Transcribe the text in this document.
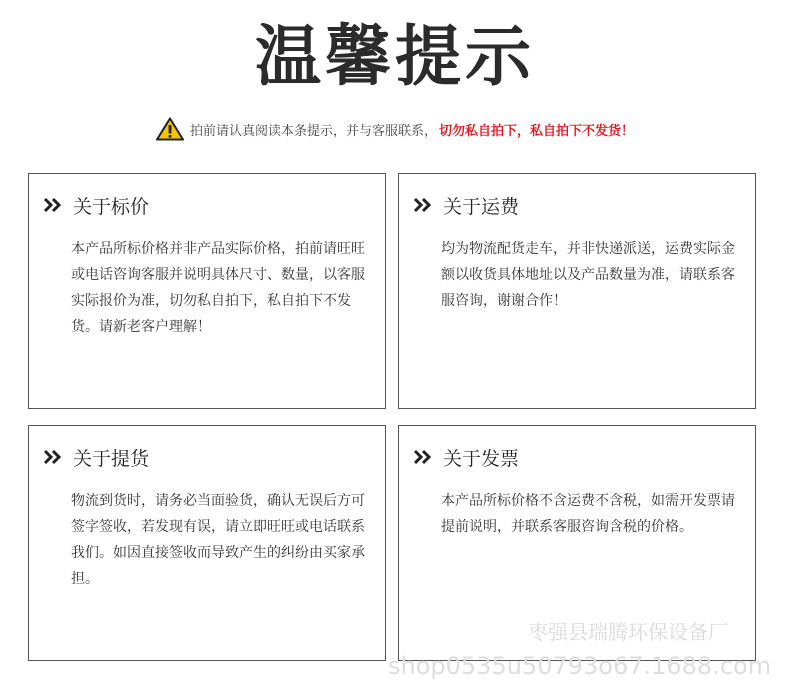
温馨提示
拍前请认真阅读本条提示，并与客服联系， 切勿私自拍下，私自拍下不发货！
关于标价
本产品所标价格并非产品实际价格，拍前请旺旺或电话咨询客服并说明具体尺寸、数量，以客服实际报价为准，切勿私自拍下，私自拍下不发货。请新老客户理解！
关于运费
均为物流配货走车，并非快递派送，运费实际金额以收货具体地址以及产品数量为准，请联系客服咨询，谢谢合作！
关于提货
物流到货时，请务必当面验货，确认无误后方可签字签收，若发现有误，请立即旺旺或电话联系我们。如因直接签收而导致产生的纠纷由买家承担。
关于发票
本产品所标价格不含运费不含税，如需开发票请提前说明，并联系客服咨询含税的价格。
枣强县瑞腾环保设备厂
shop0535u50793o67.1688.com
